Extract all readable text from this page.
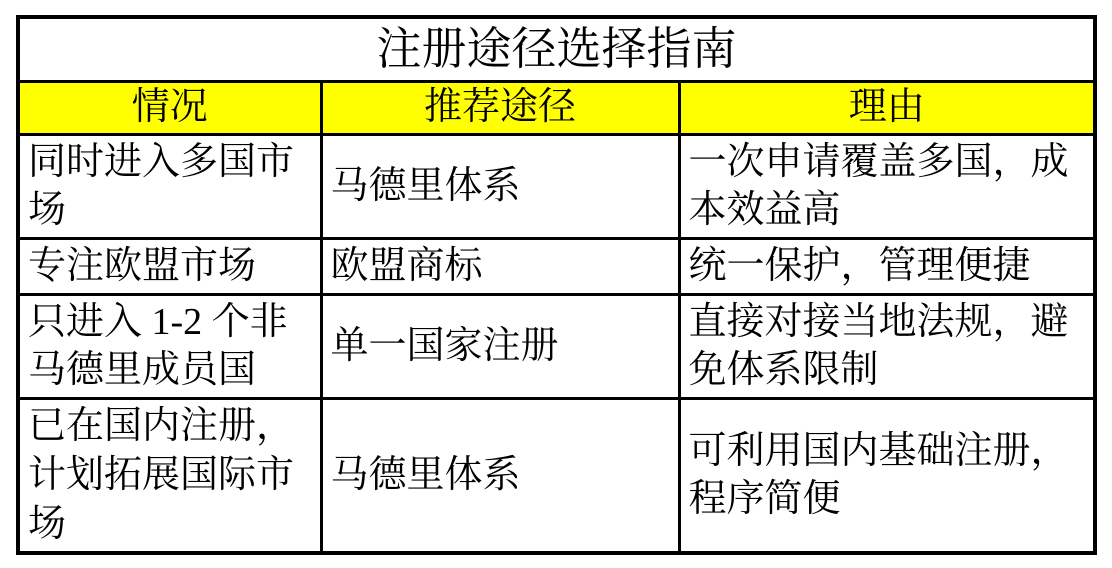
注册途径选择指南		
情况	推荐途径	理由
同时进入多国市场	马德里体系	一次申请覆盖多国，成本效益高
专注欧盟市场	欧盟商标	统一保护，管理便捷
只进入 1-2 个非马德里成员国	单一国家注册	直接对接当地法规，避免体系限制
已在国内注册，计划拓展国际市场	马德里体系	可利用国内基础注册，程序简便
